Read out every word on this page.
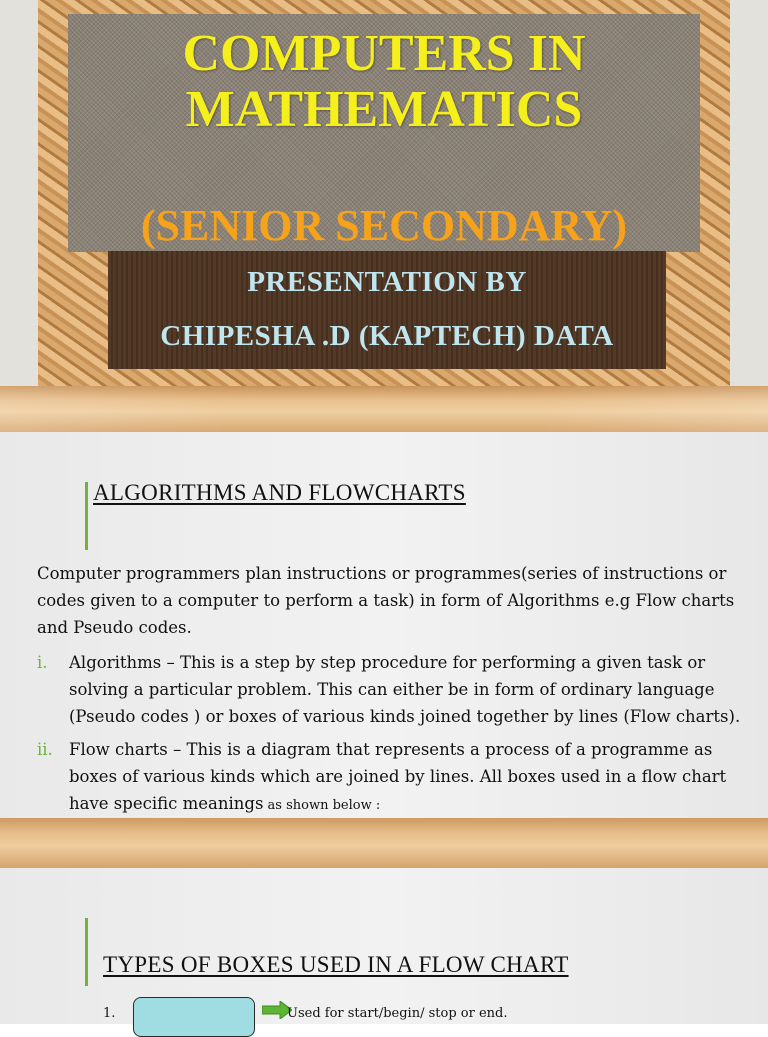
COMPUTERS IN
MATHEMATICS
(SENIOR SECONDARY)
PRESENTATION BY
CHIPESHA .D (KAPTECH) DATA
ALGORITHMS AND FLOWCHARTS

Computer programmers plan instructions or programmes(series of instructions or codes given to a computer to perform a task) in form of Algorithms e.g Flow charts and Pseudo codes.

i. Algorithms – This is a step by step procedure for performing a given task or solving a particular problem. This can either be in form of ordinary language (Pseudo codes ) or boxes of various kinds joined together by lines (Flow charts).
ii. Flow charts – This is a diagram that represents a process of a programme as boxes of various kinds which are joined by lines. All boxes used in a flow chart have specific meanings as shown below :
TYPES OF BOXES USED IN A FLOW CHART
1.	Used for start/begin/ stop or end.
